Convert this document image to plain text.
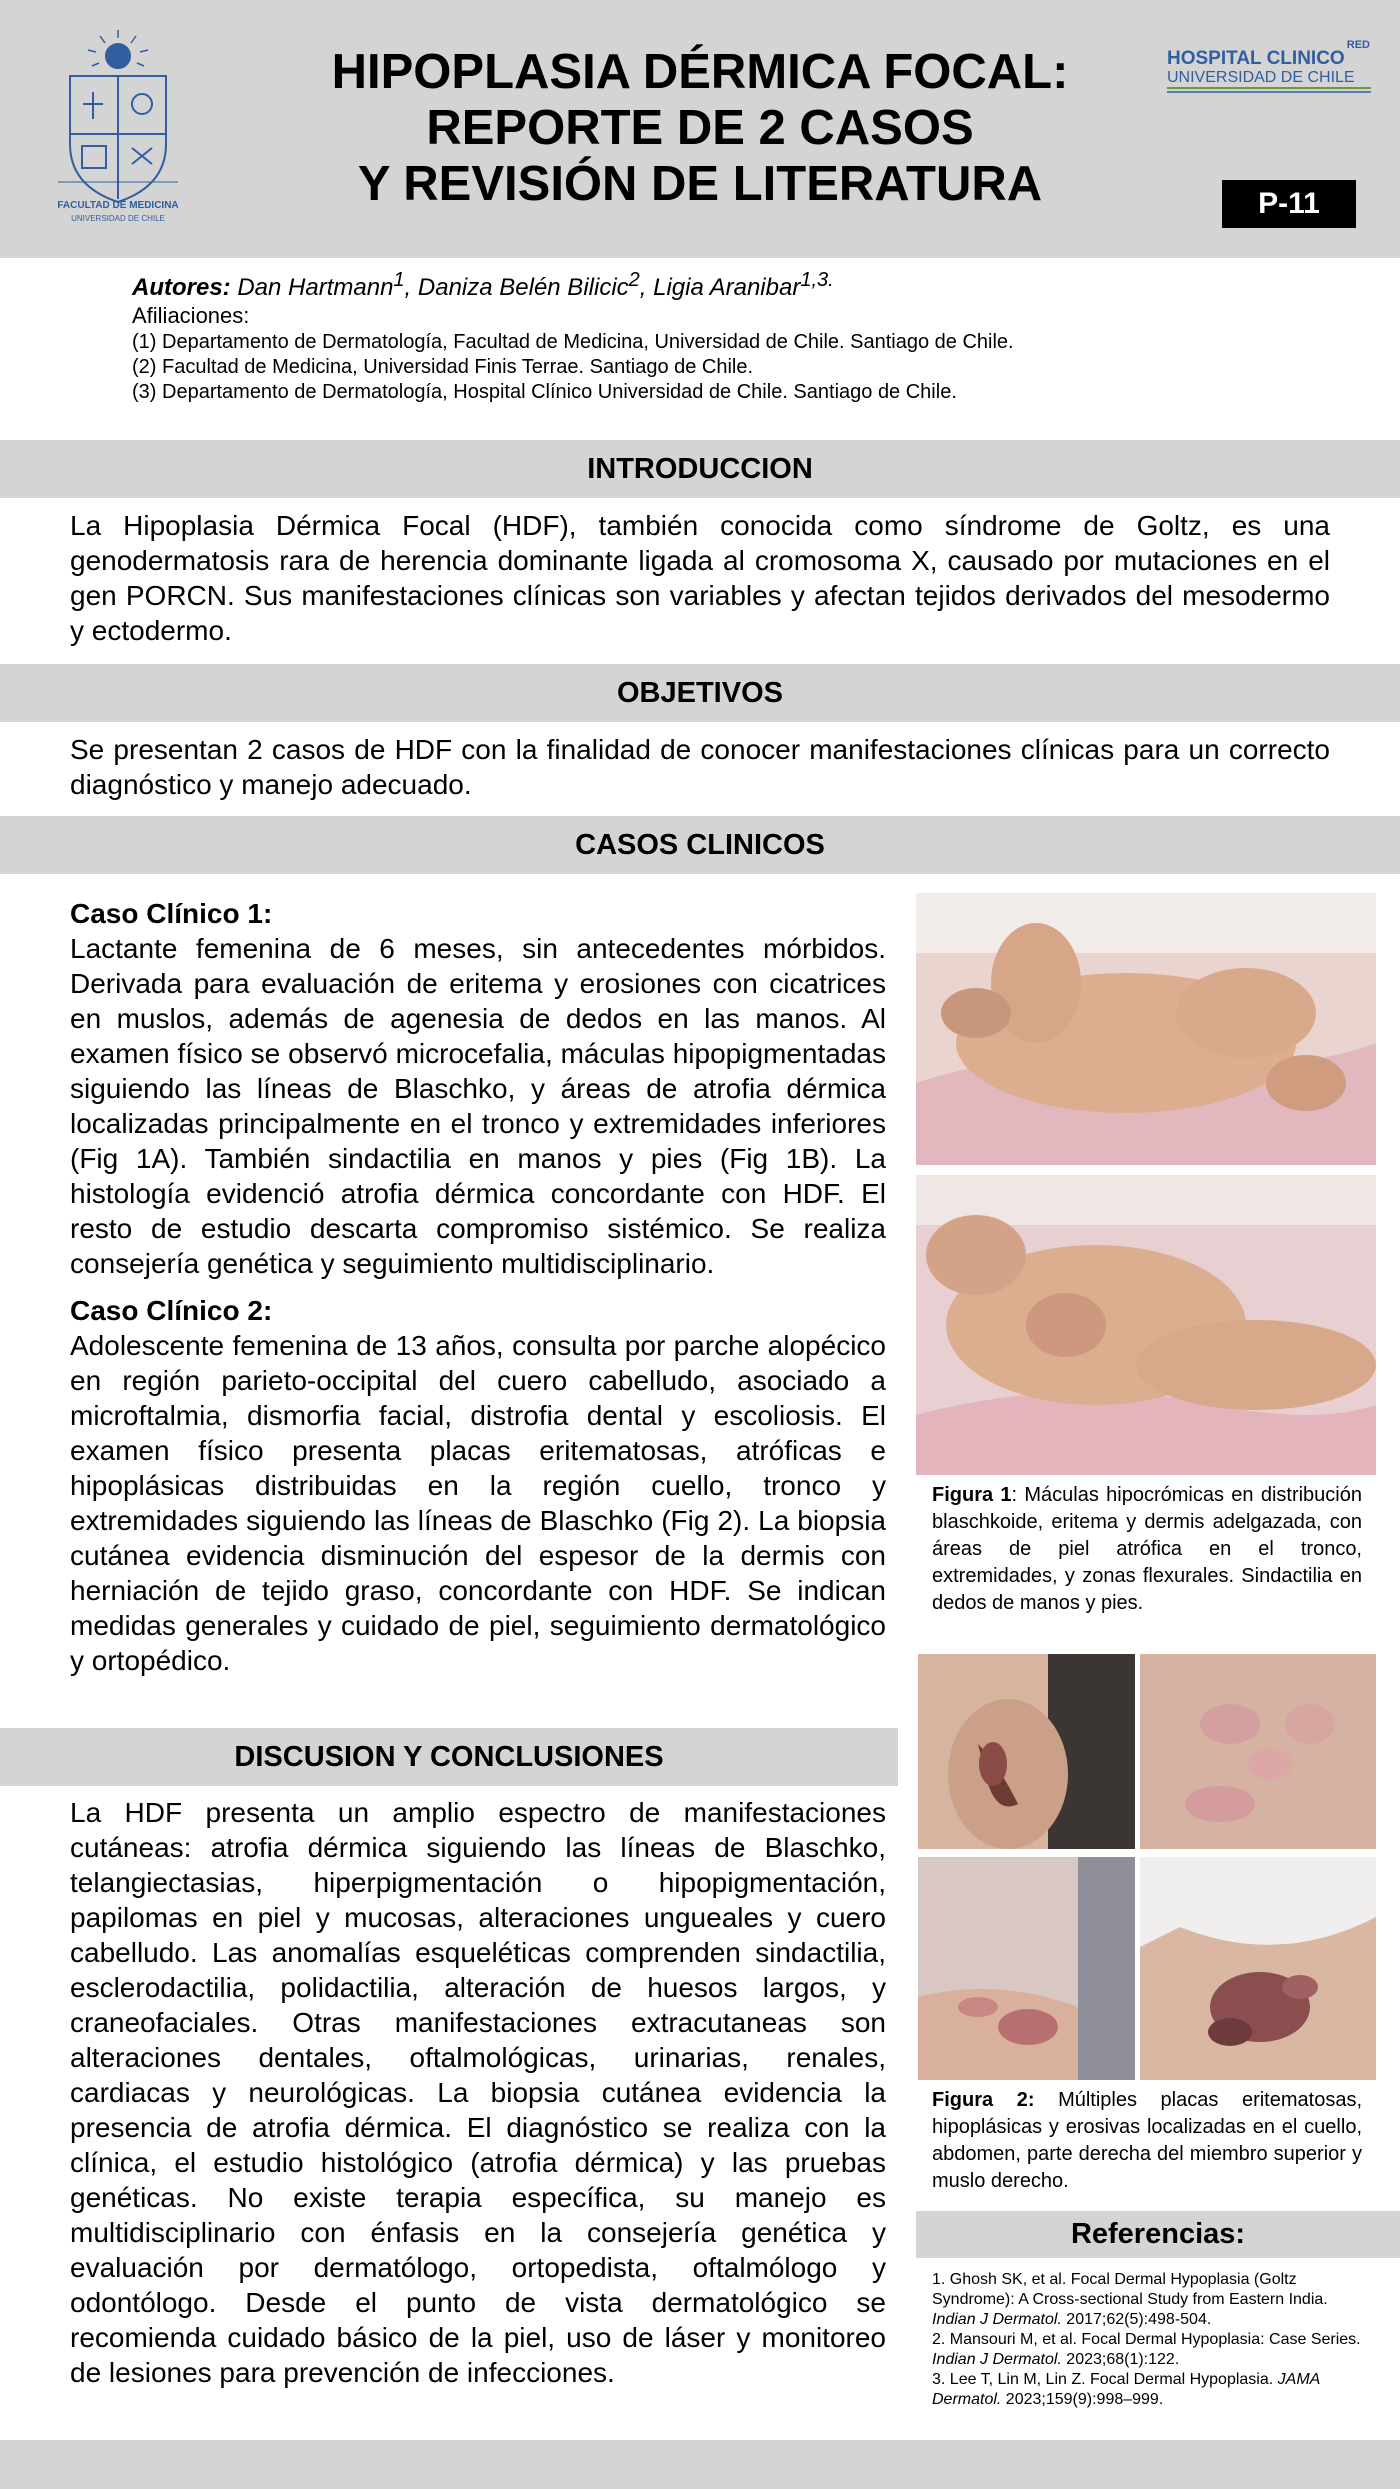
FACULTAD DE MEDICINA
UNIVERSIDAD DE CHILE
HIPOPLASIA DÉRMICA FOCAL:
REPORTE DE 2 CASOS
Y REVISIÓN DE LITERATURA
RED
HOSPITAL CLINICO
UNIVERSIDAD DE CHILE
P-11
Autores: Dan Hartmann$^1$, Daniza Belén Bilicic$^2$, Ligia Aranibar$^{1,3.}$
Afiliaciones:
(1) Departamento de Dermatología, Facultad de Medicina, Universidad de Chile. Santiago de Chile.
(2) Facultad de Medicina, Universidad Finis Terrae. Santiago de Chile.
(3) Departamento de Dermatología, Hospital Clínico Universidad de Chile. Santiago de Chile.
INTRODUCCION
La Hipoplasia Dérmica Focal (HDF), también conocida como síndrome de Goltz, es una genodermatosis rara de herencia dominante ligada al cromosoma X, causado por mutaciones en el gen PORCN. Sus manifestaciones clínicas son variables y afectan tejidos derivados del mesodermo y ectodermo.
OBJETIVOS
Se presentan 2 casos de HDF con la finalidad de conocer manifestaciones clínicas para un correcto diagnóstico y manejo adecuado.
CASOS CLINICOS
Caso Clínico 1:
Lactante femenina de 6 meses, sin antecedentes mórbidos. Derivada para evaluación de eritema y erosiones con cicatrices en muslos, además de agenesia de dedos en las manos. Al examen físico se observó microcefalia, máculas hipopigmentadas siguiendo las líneas de Blaschko, y áreas de atrofia dérmica localizadas principalmente en el tronco y extremidades inferiores (Fig 1A). También sindactilia en manos y pies (Fig 1B). La histología evidenció atrofia dérmica concordante con HDF. El resto de estudio descarta compromiso sistémico. Se realiza consejería genética y seguimiento multidisciplinario.
Caso Clínico 2:
Adolescente femenina de 13 años, consulta por parche alopécico en región parieto-occipital del cuero cabelludo, asociado a microftalmia, dismorfia facial, distrofia dental y escoliosis. El examen físico presenta placas eritematosas, atróficas e hipoplásicas distribuidas en la región cuello, tronco y extremidades siguiendo las líneas de Blaschko (Fig 2). La biopsia cutánea evidencia disminución del espesor de la dermis con herniación de tejido graso, concordante con HDF. Se indican medidas generales y cuidado de piel, seguimiento dermatológico y ortopédico.
Figura 1: Máculas hipocrómicas en distribución blaschkoide, eritema y dermis adelgazada, con áreas de piel atrófica en el tronco, extremidades, y zonas flexurales. Sindactilia en dedos de manos y pies.
Figura 2: Múltiples placas eritematosas, hipoplásicas y erosivas localizadas en el cuello, abdomen, parte derecha del miembro superior y muslo derecho.
Referencias:
1. Ghosh SK, et al. Focal Dermal Hypoplasia (Goltz Syndrome): A Cross-sectional Study from Eastern India. Indian J Dermatol. 2017;62(5):498-504.
2. Mansouri M, et al. Focal Dermal Hypoplasia: Case Series. Indian J Dermatol. 2023;68(1):122.
3. Lee T, Lin M, Lin Z. Focal Dermal Hypoplasia. JAMA Dermatol. 2023;159(9):998–999.
DISCUSION Y CONCLUSIONES
La HDF presenta un amplio espectro de manifestaciones cutáneas: atrofia dérmica siguiendo las líneas de Blaschko, telangiectasias, hiperpigmentación o hipopigmentación, papilomas en piel y mucosas, alteraciones ungueales y cuero cabelludo. Las anomalías esqueléticas comprenden sindactilia, esclerodactilia, polidactilia, alteración de huesos largos, y craneofaciales. Otras manifestaciones extracutaneas son alteraciones dentales, oftalmológicas, urinarias, renales, cardiacas y neurológicas. La biopsia cutánea evidencia la presencia de atrofia dérmica. El diagnóstico se realiza con la clínica, el estudio histológico (atrofia dérmica) y las pruebas genéticas. No existe terapia específica, su manejo es multidisciplinario con énfasis en la consejería genética y evaluación por dermatólogo, ortopedista, oftalmólogo y odontólogo. Desde el punto de vista dermatológico se recomienda cuidado básico de la piel, uso de láser y monitoreo de lesiones para prevención de infecciones.
